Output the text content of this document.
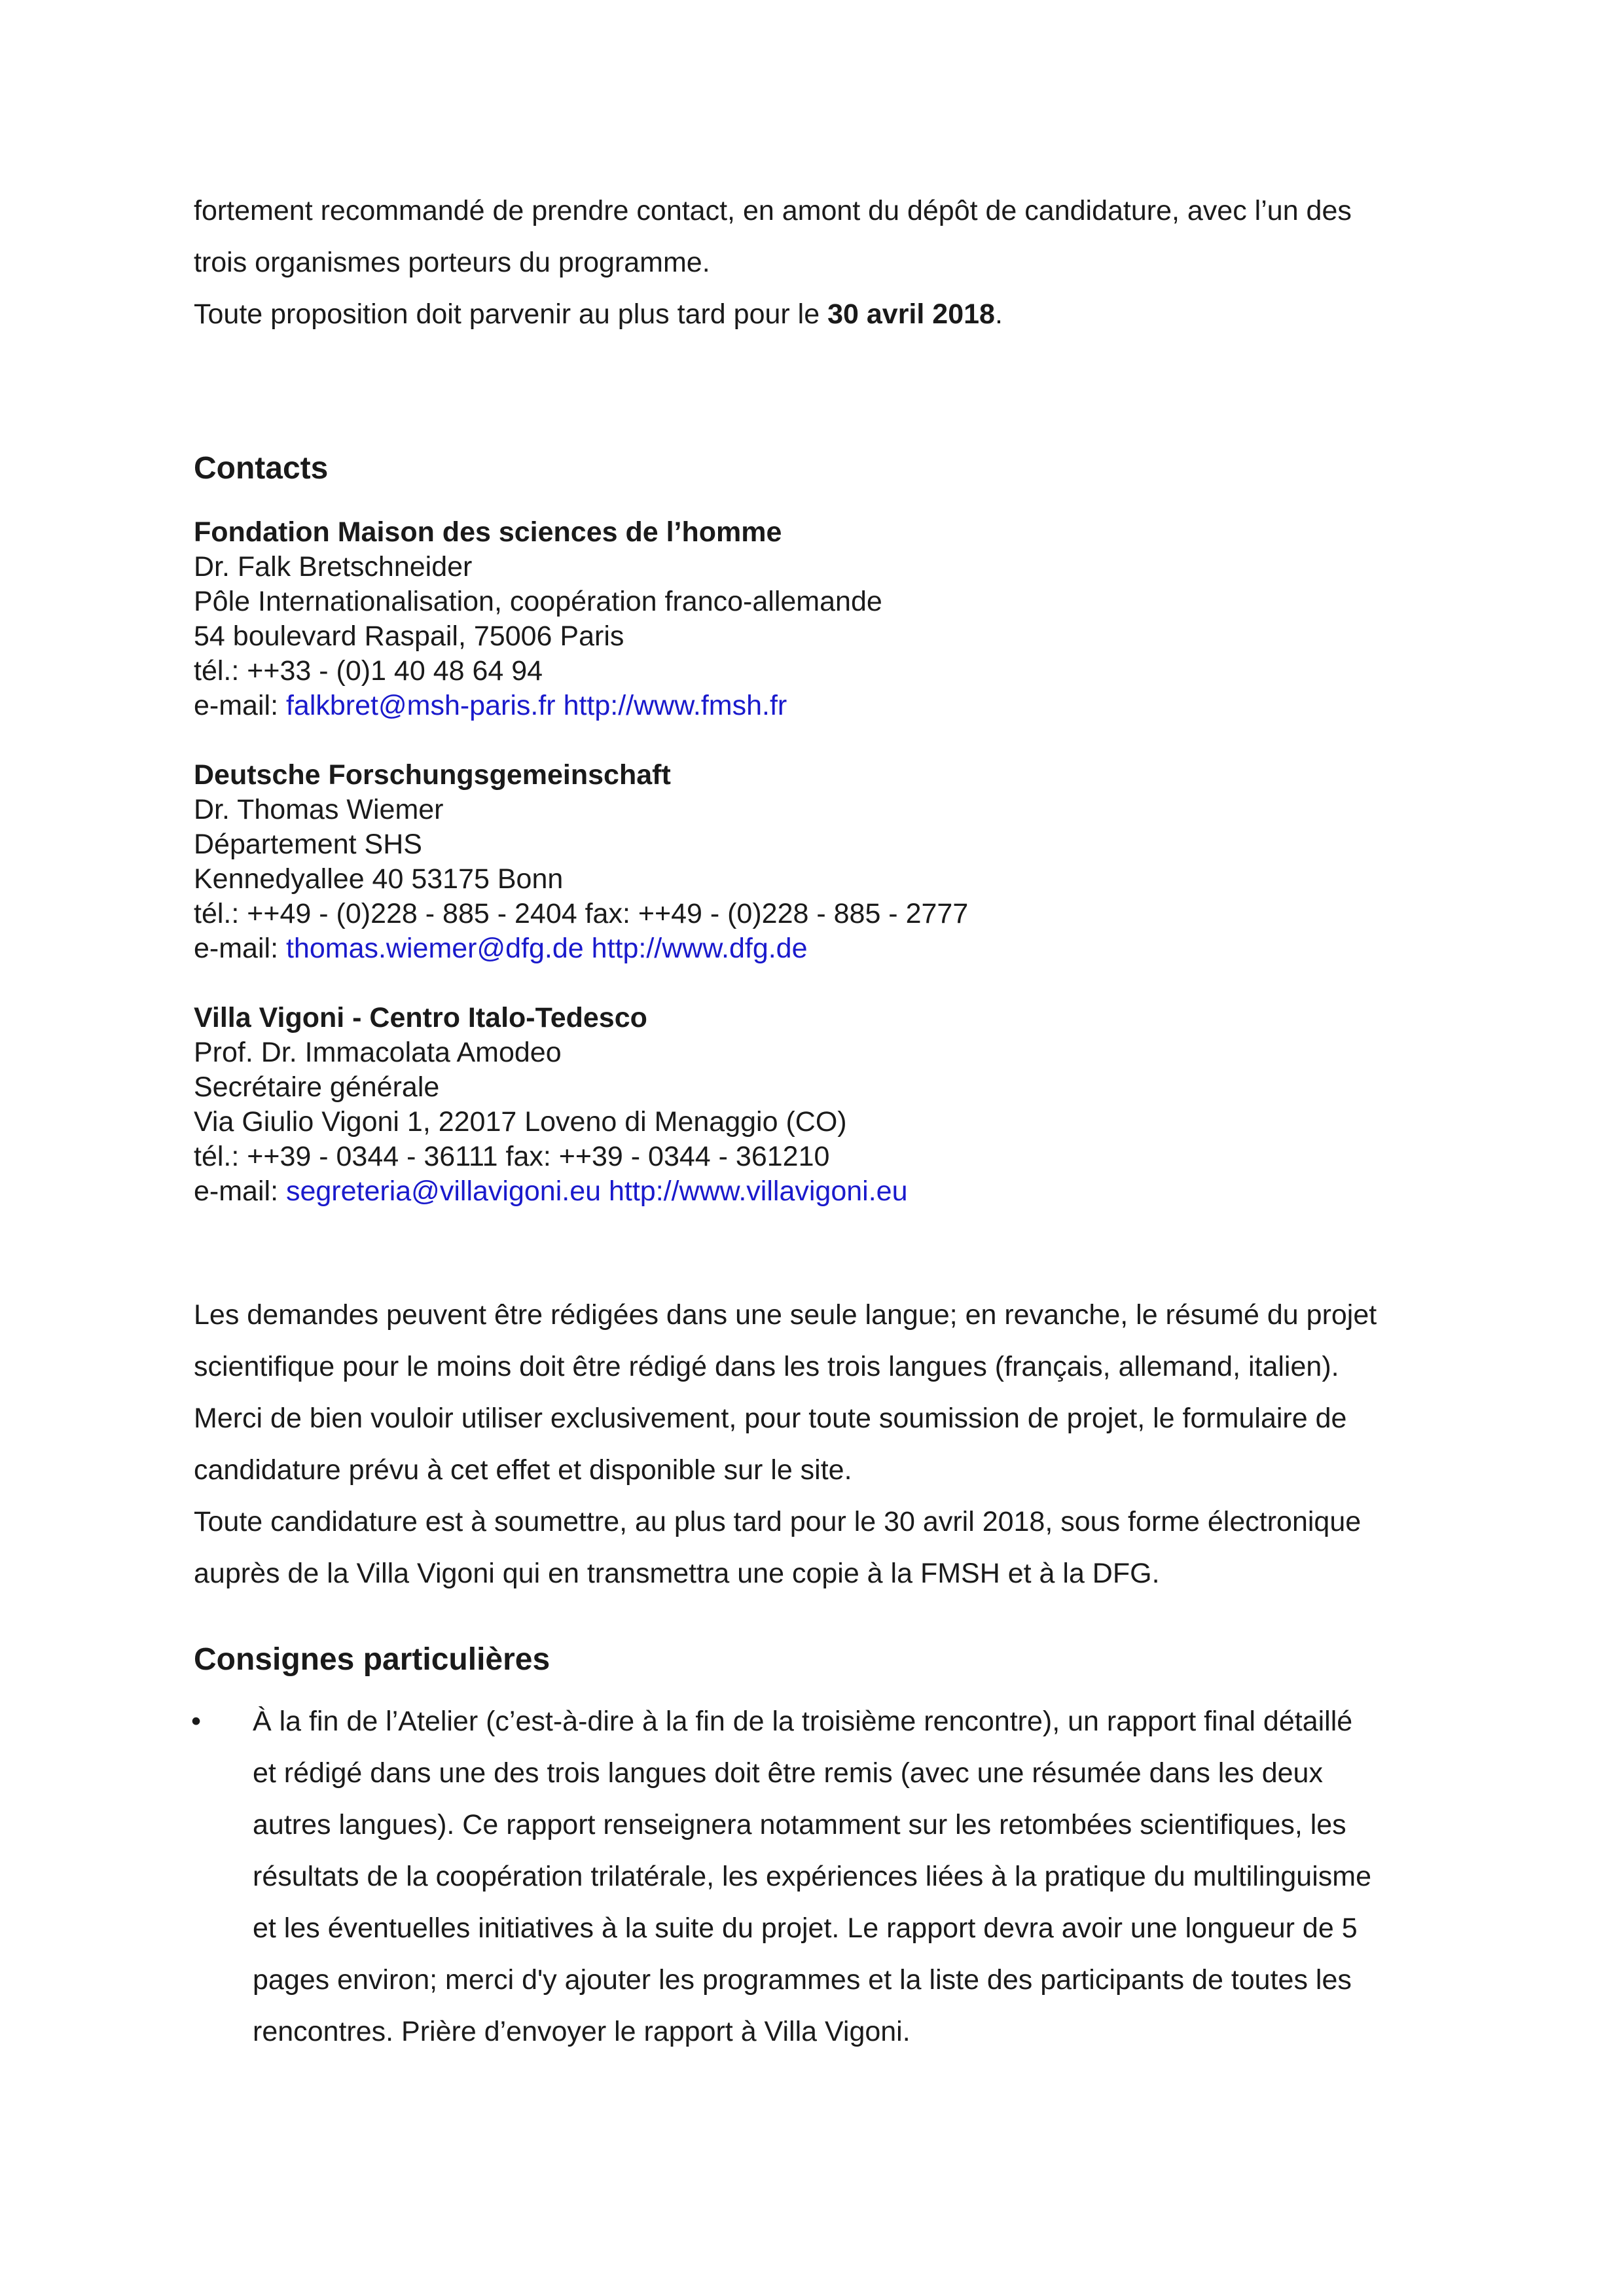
fortement recommandé de prendre contact, en amont du dépôt de candidature, avec l’un des
trois organismes porteurs du programme.
Toute proposition doit parvenir au plus tard pour le 30 avril 2018.
Contacts
Fondation Maison des sciences de l’homme
Dr. Falk Bretschneider
Pôle Internationalisation, coopération franco-allemande
54 boulevard Raspail, 75006 Paris
tél.: ++33 - (0)1 40 48 64 94
e-mail: falkbret@msh-paris.fr http://www.fmsh.fr
Deutsche Forschungsgemeinschaft
Dr. Thomas Wiemer
Département SHS
Kennedyallee 40 53175 Bonn
tél.: ++49 - (0)228 - 885 - 2404 fax: ++49 - (0)228 - 885 - 2777
e-mail: thomas.wiemer@dfg.de http://www.dfg.de
Villa Vigoni - Centro Italo-Tedesco
Prof. Dr. Immacolata Amodeo
Secrétaire générale
Via Giulio Vigoni 1, 22017 Loveno di Menaggio (CO)
tél.: ++39 - 0344 - 36111 fax: ++39 - 0344 - 361210
e-mail: segreteria@villavigoni.eu http://www.villavigoni.eu
Les demandes peuvent être rédigées dans une seule langue; en revanche, le résumé du projet
scientifique pour le moins doit être rédigé dans les trois langues (français, allemand, italien).
Merci de bien vouloir utiliser exclusivement, pour toute soumission de projet, le formulaire de
candidature prévu à cet effet et disponible sur le site.
Toute candidature est à soumettre, au plus tard pour le 30 avril 2018, sous forme électronique
auprès de la Villa Vigoni qui en transmettra une copie à la FMSH et à la DFG.
Consignes particulières
• À la fin de l’Atelier (c’est-à-dire à la fin de la troisième rencontre), un rapport final détaillé
et rédigé dans une des trois langues doit être remis (avec une résumée dans les deux
autres langues). Ce rapport renseignera notamment sur les retombées scientifiques, les
résultats de la coopération trilatérale, les expériences liées à la pratique du multilinguisme
et les éventuelles initiatives à la suite du projet. Le rapport devra avoir une longueur de 5
pages environ; merci d'y ajouter les programmes et la liste des participants de toutes les
rencontres. Prière d’envoyer le rapport à Villa Vigoni.
